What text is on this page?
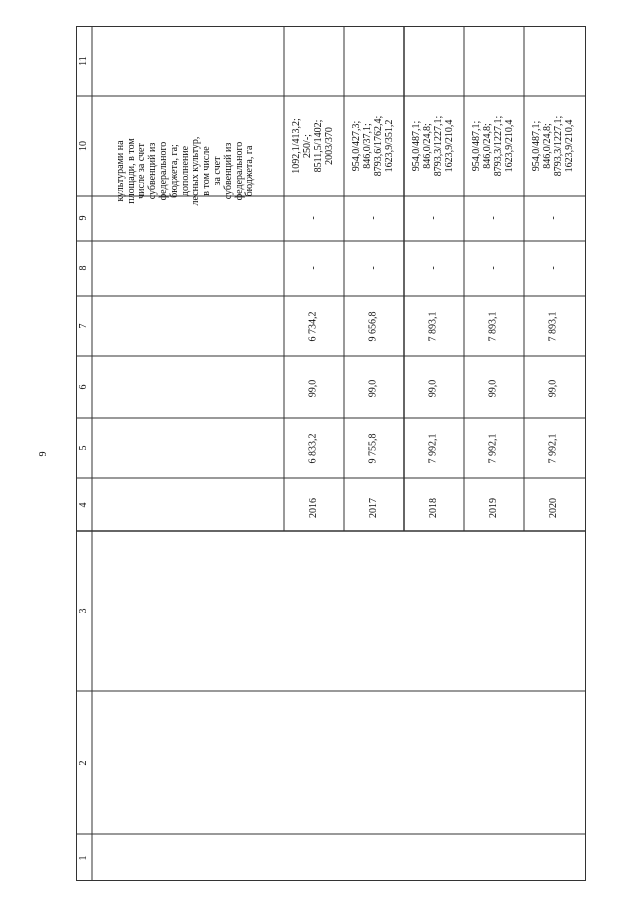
9
11
10
9
8
7
6
5
4
3
2
1
культурами на
площади, в том
числе за счет
субвенций из
федерального
бюджета, га;
дополнение
лесных культур,
в том числе
за счет
субвенций из
федерального
бюджета, га
2016
6 833,2
99,0
6 734,2
-
-
1092,1/413,2;
250/-;
8511,5/1402;
2003/370
2017
9 755,8
99,0
9 656,8
-
-
954,0/427,3;
846,0/37,1;
8793,6/1762,4;
1623,9/351,2
2018
7 992,1
99,0
7 893,1
-
-
954,0/487,1;
846,0/24,8;
8793,3/1227,1;
1623,9/210,4
2019
7 992,1
99,0
7 893,1
-
-
954,0/487,1;
846,0/24,8;
8793,3/1227,1;
1623,9/210,4
2020
7 992,1
99,0
7 893,1
-
-
954,0/487,1;
846,0/24,8;
8793,3/1227,1;
1623,9/210,4
